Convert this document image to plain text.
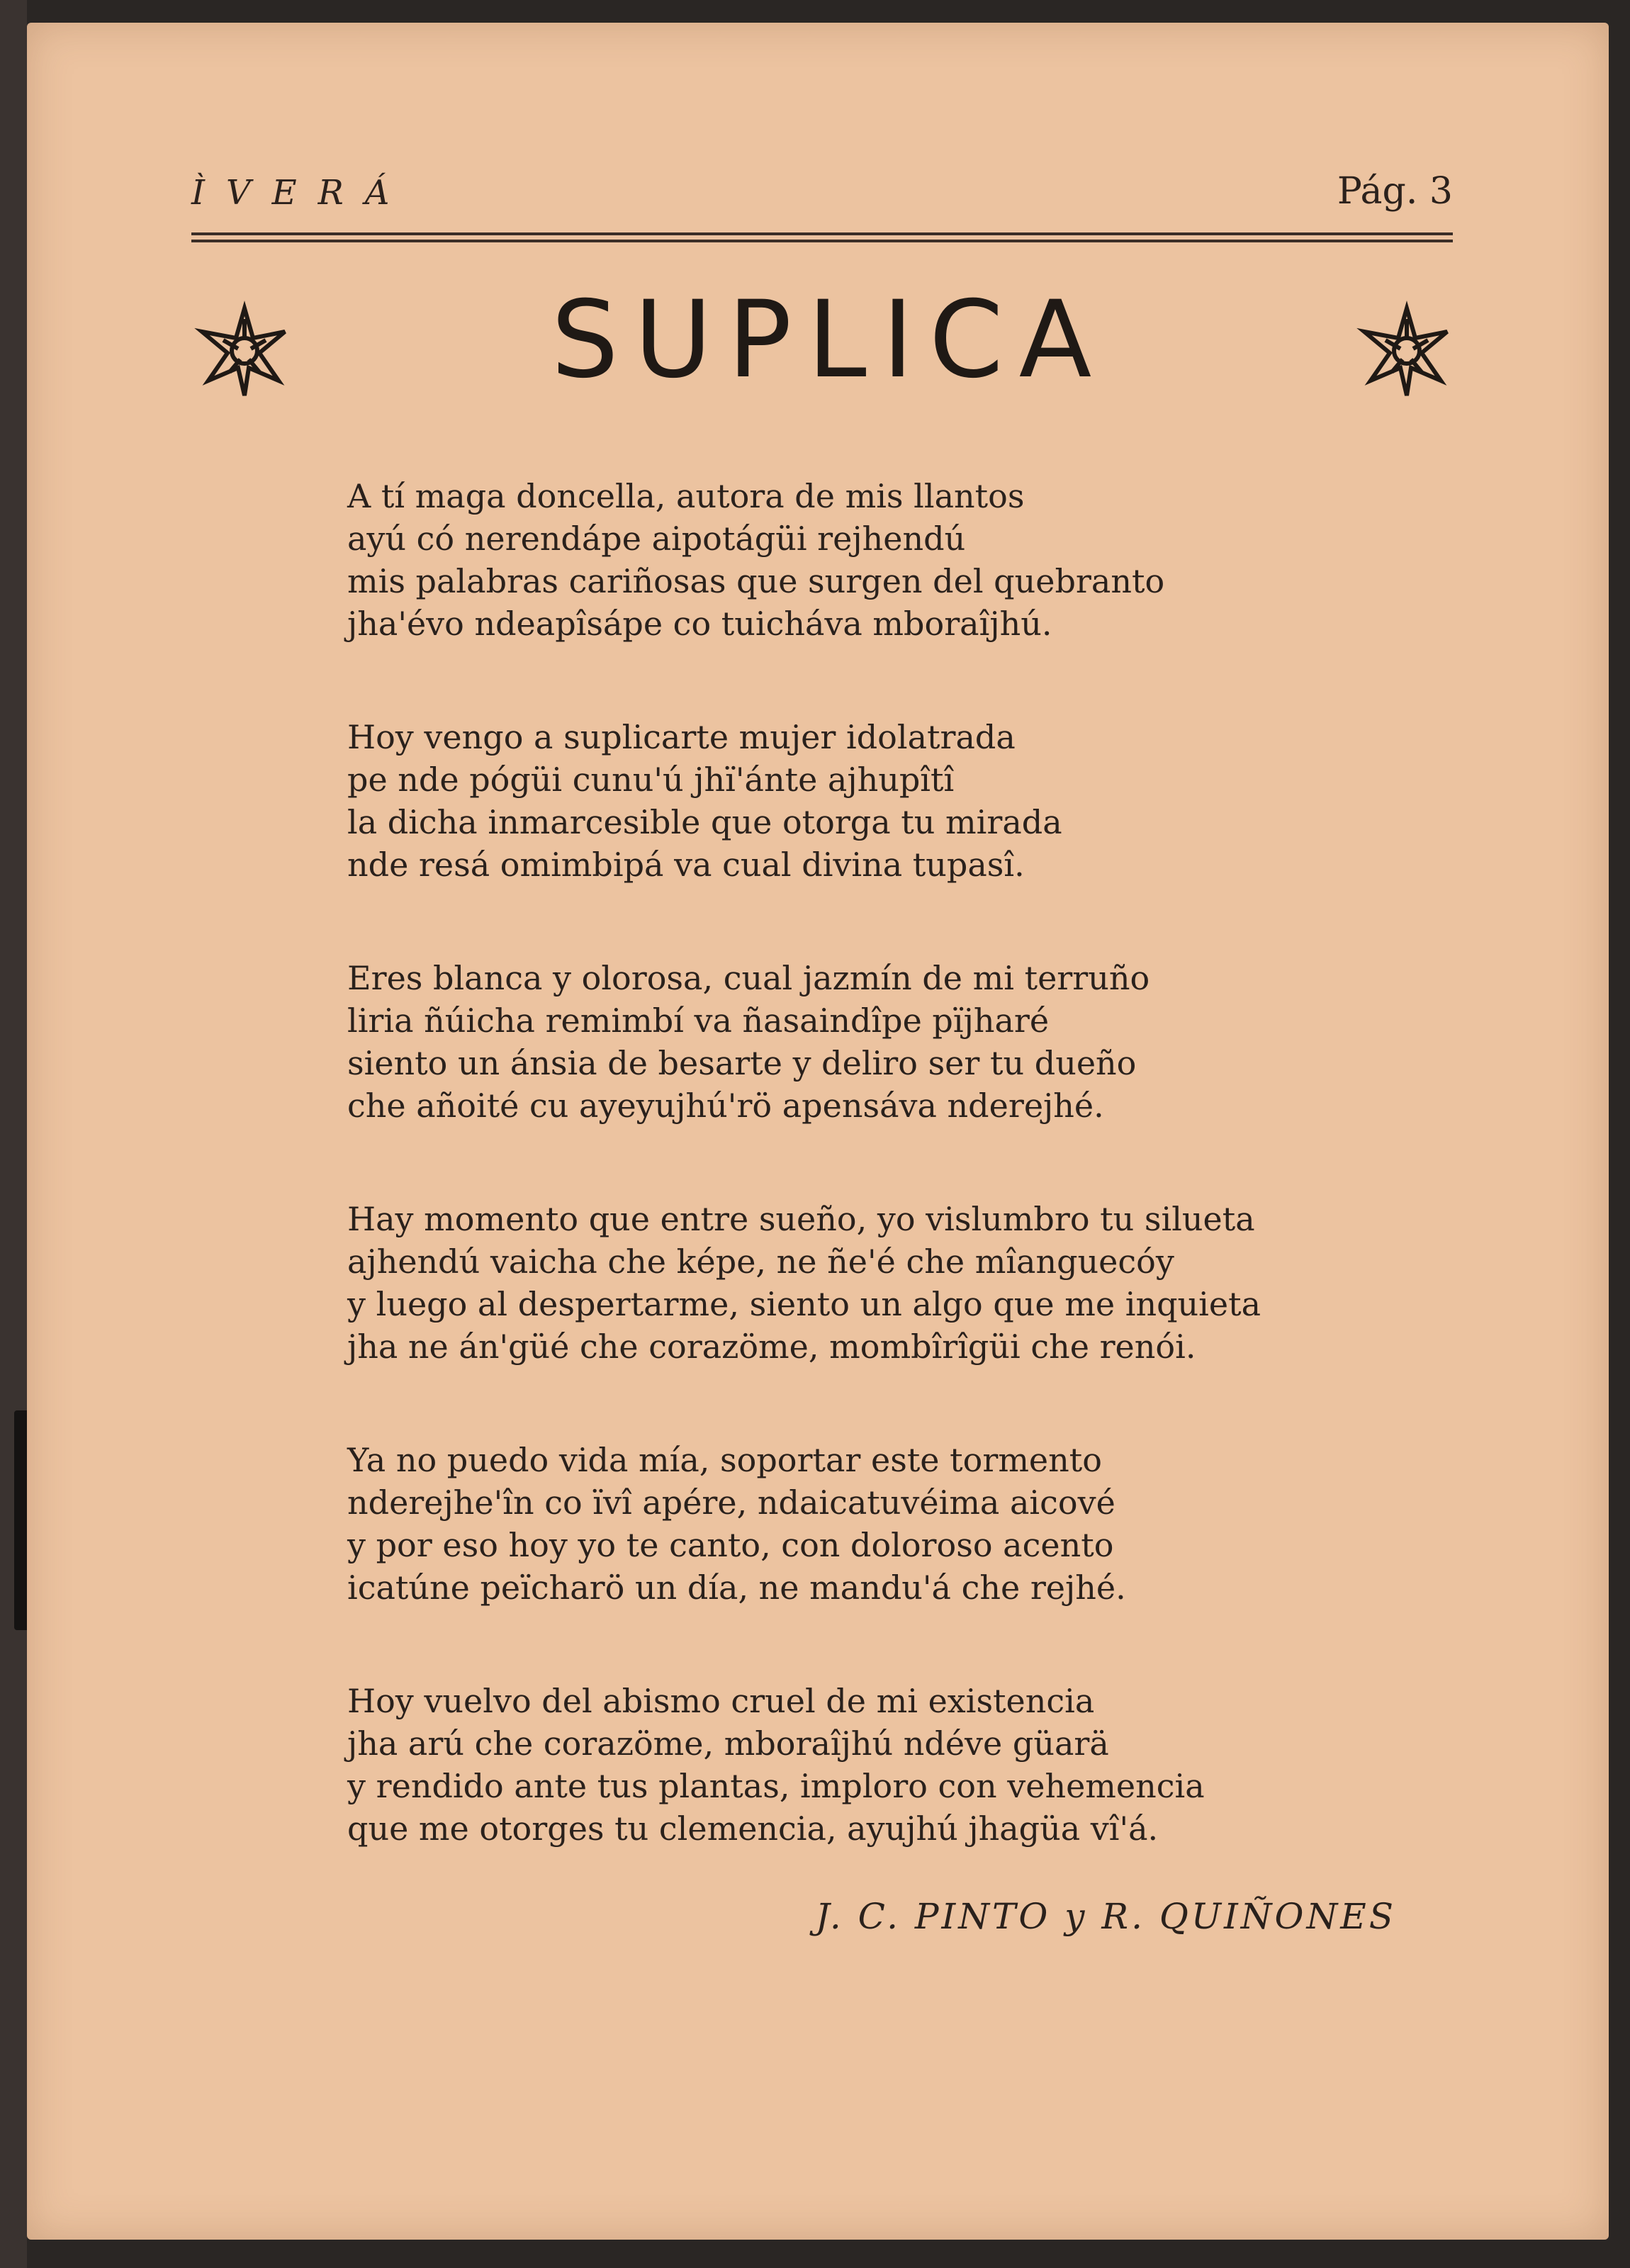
ÌVERÁ	Pág. 3
SUPLICA
A tí maga doncella, autora de mis llantos
ayú có nerendápe aipotágüi rejhendú
mis palabras cariñosas que surgen del quebranto
jha'évo ndeapîsápe co tuicháva mboraîjhú.
Hoy vengo a suplicarte mujer idolatrada
pe nde pógüi cunu'ú jhï'ánte ajhupîtî
la dicha inmarcesible que otorga tu mirada
nde resá omimbipá va cual divina tupasî.
Eres blanca y olorosa, cual jazmín de mi terruño
liria ñúicha remimbí va ñasaindîpe pïjharé
siento un ánsia de besarte y deliro ser tu dueño
che añoité cu ayeyujhú'rö apensáva nderejhé.
Hay momento que entre sueño, yo vislumbro tu silueta
ajhendú vaicha che képe, ne ñe'é che mîanguecóy
y luego al despertarme, siento un algo que me inquieta
jha ne án'güé che corazöme, mombîrîgüi che renói.
Ya no puedo vida mía, soportar este tormento
nderejhe'în co ïvî apére, ndaicatuvéima aicové
y por eso hoy yo te canto, con doloroso acento
icatúne peïcharö un día, ne mandu'á che rejhé.
Hoy vuelvo del abismo cruel de mi existencia
jha arú che corazöme, mboraîjhú ndéve güarä
y rendido ante tus plantas, imploro con vehemencia
que me otorges tu clemencia, ayujhú jhagüa vî'á.
J. C. PINTO y R. QUIÑONES
